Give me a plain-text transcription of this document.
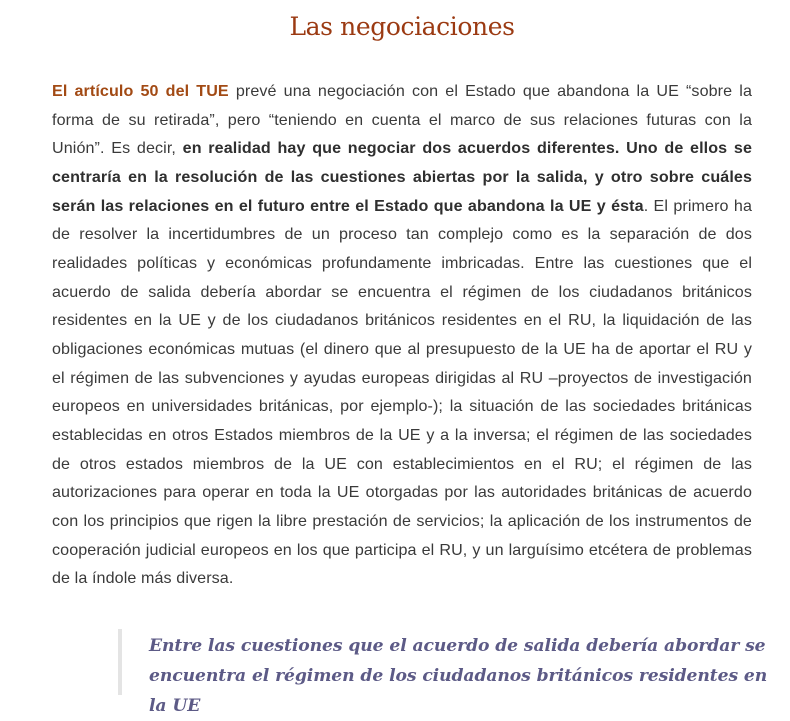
Las negociaciones

El artículo 50 del TUE prevé una negociación con el Estado que abandona la UE “sobre la forma de su retirada”, pero “teniendo en cuenta el marco de sus relaciones futuras con la Unión”. Es decir, en realidad hay que negociar dos acuerdos diferentes. Uno de ellos se centraría en la resolución de las cuestiones abiertas por la salida, y otro sobre cuáles serán las relaciones en el futuro entre el Estado que abandona la UE y ésta. El primero ha de resolver la incertidumbres de un proceso tan complejo como es la separación de dos realidades políticas y económicas profundamente imbricadas. Entre las cuestiones que el acuerdo de salida debería abordar se encuentra el régimen de los ciudadanos británicos residentes en la UE y de los ciudadanos británicos residentes en el RU, la liquidación de las obligaciones económicas mutuas (el dinero que al presupuesto de la UE ha de aportar el RU y el régimen de las subvenciones y ayudas europeas dirigidas al RU –proyectos de investigación europeos en universidades británicas, por ejemplo-); la situación de las sociedades británicas establecidas en otros Estados miembros de la UE y a la inversa; el régimen de las sociedades de otros estados miembros de la UE con establecimientos en el RU; el régimen de las autorizaciones para operar en toda la UE otorgadas por las autoridades británicas de acuerdo con los principios que rigen la libre prestación de servicios; la aplicación de los instrumentos de cooperación judicial europeos en los que participa el RU, y un larguísimo etcétera de problemas de la índole más diversa.

Entre las cuestiones que el acuerdo de salida debería abordar se encuentra el régimen de los ciudadanos británicos residentes en la UE
